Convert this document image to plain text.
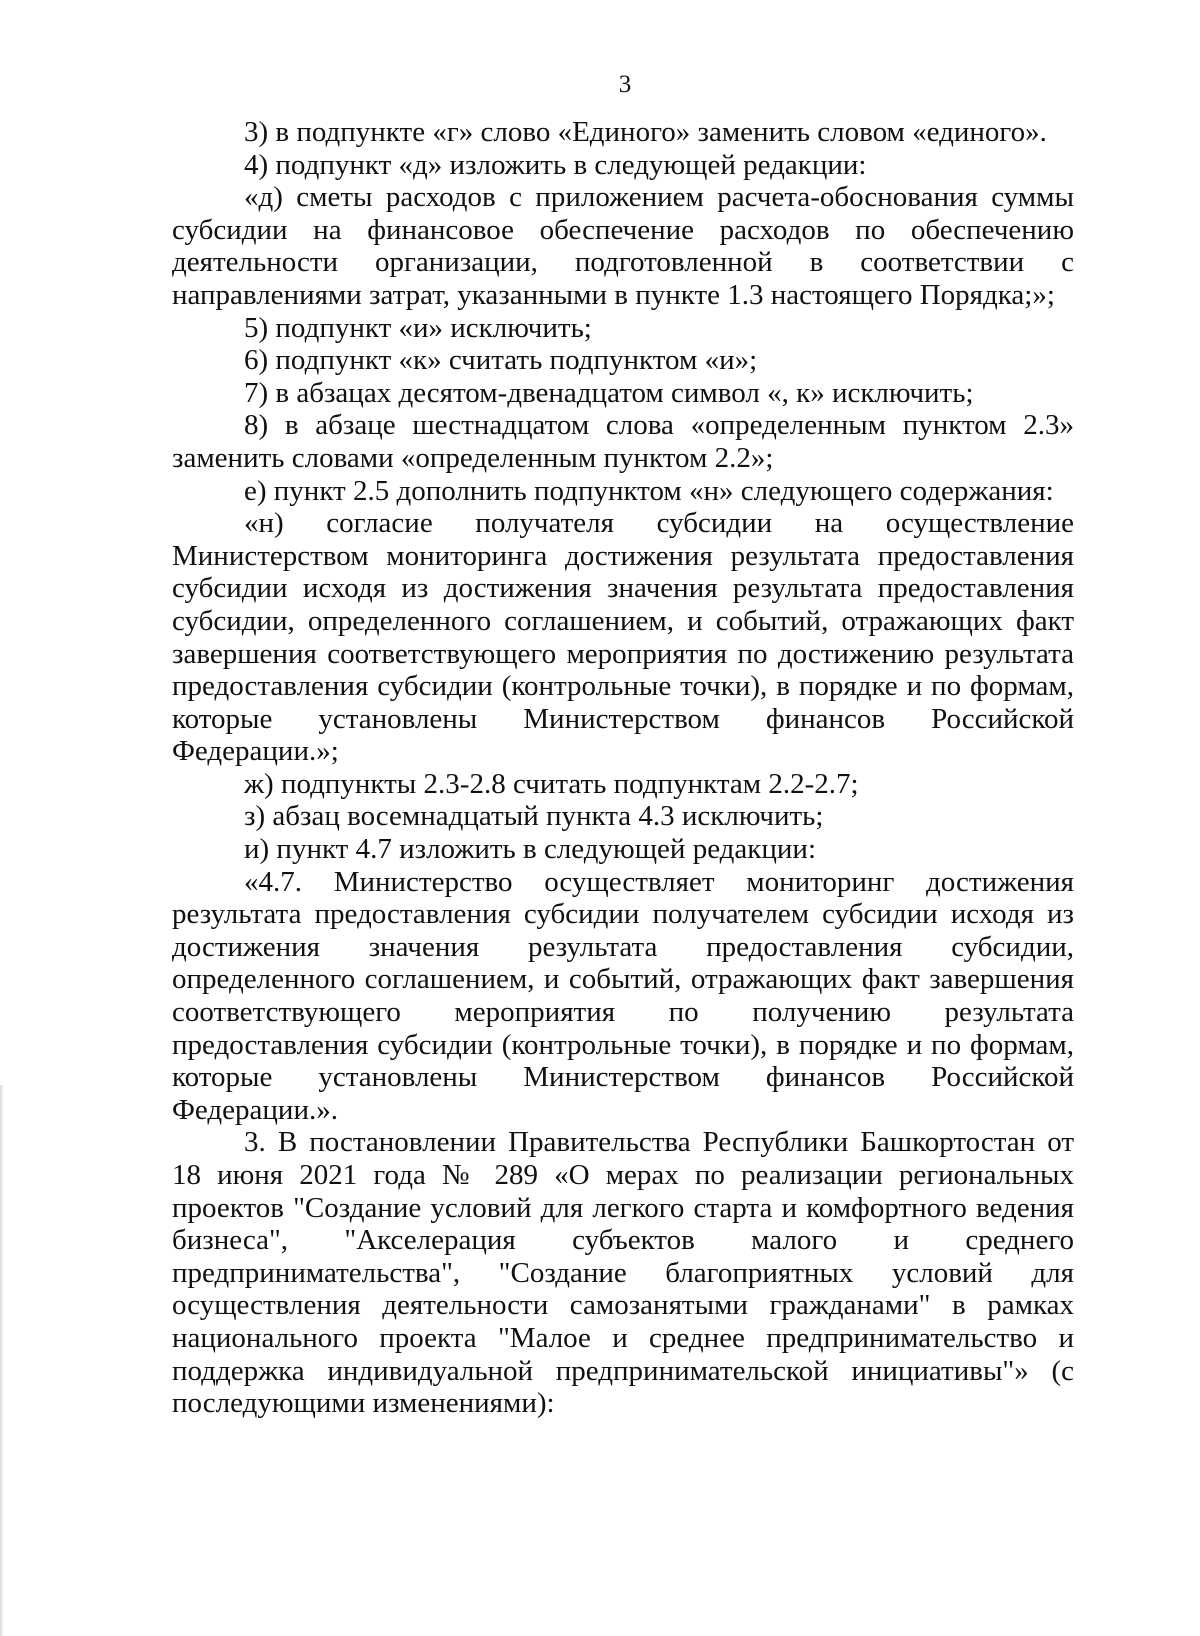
3

3) в подпункте «г» слово «Единого» заменить словом «единого».

4) подпункт «д» изложить в следующей редакции:

«д) сметы расходов с приложением расчета-обоснования суммы субсидии на финансовое обеспечение расходов по обеспечению деятельности организации, подготовленной в соответствии с направлениями затрат, указанными в пункте 1.3 настоящего Порядка;»;

5) подпункт «и» исключить;

6) подпункт «к» считать подпунктом «и»;

7) в абзацах десятом-двенадцатом символ «, к» исключить;

8) в абзаце шестнадцатом слова «определенным пунктом 2.3» заменить словами «определенным пунктом 2.2»;

е) пункт 2.5 дополнить подпунктом «н» следующего содержания:

«н) согласие получателя субсидии на осуществление Министерством мониторинга достижения результата предоставления субсидии исходя из достижения значения результата предоставления субсидии, определенного соглашением, и событий, отражающих факт завершения соответствующего мероприятия по достижению результата предоставления субсидии (контрольные точки), в порядке и по формам, которые установлены Министерством финансов Российской Федерации.»;

ж) подпункты 2.3-2.8 считать подпунктам 2.2-2.7;

з) абзац восемнадцатый пункта 4.3 исключить;

и) пункт 4.7 изложить в следующей редакции:

«4.7. Министерство осуществляет мониторинг достижения результата предоставления субсидии получателем субсидии исходя из достижения значения результата предоставления субсидии, определенного соглашением, и событий, отражающих факт завершения соответствующего мероприятия по получению результата предоставления субсидии (контрольные точки), в порядке и по формам, которые установлены Министерством финансов Российской Федерации.».

3. В постановлении Правительства Республики Башкортостан от 18 июня 2021 года № 289 «О мерах по реализации региональных проектов "Создание условий для легкого старта и комфортного ведения бизнеса", "Акселерация субъектов малого и среднего предпринимательства", "Создание благоприятных условий для осуществления деятельности самозанятыми гражданами" в рамках национального проекта "Малое и среднее предпринимательство и поддержка индивидуальной предпринимательской инициативы"» (с последующими изменениями):
